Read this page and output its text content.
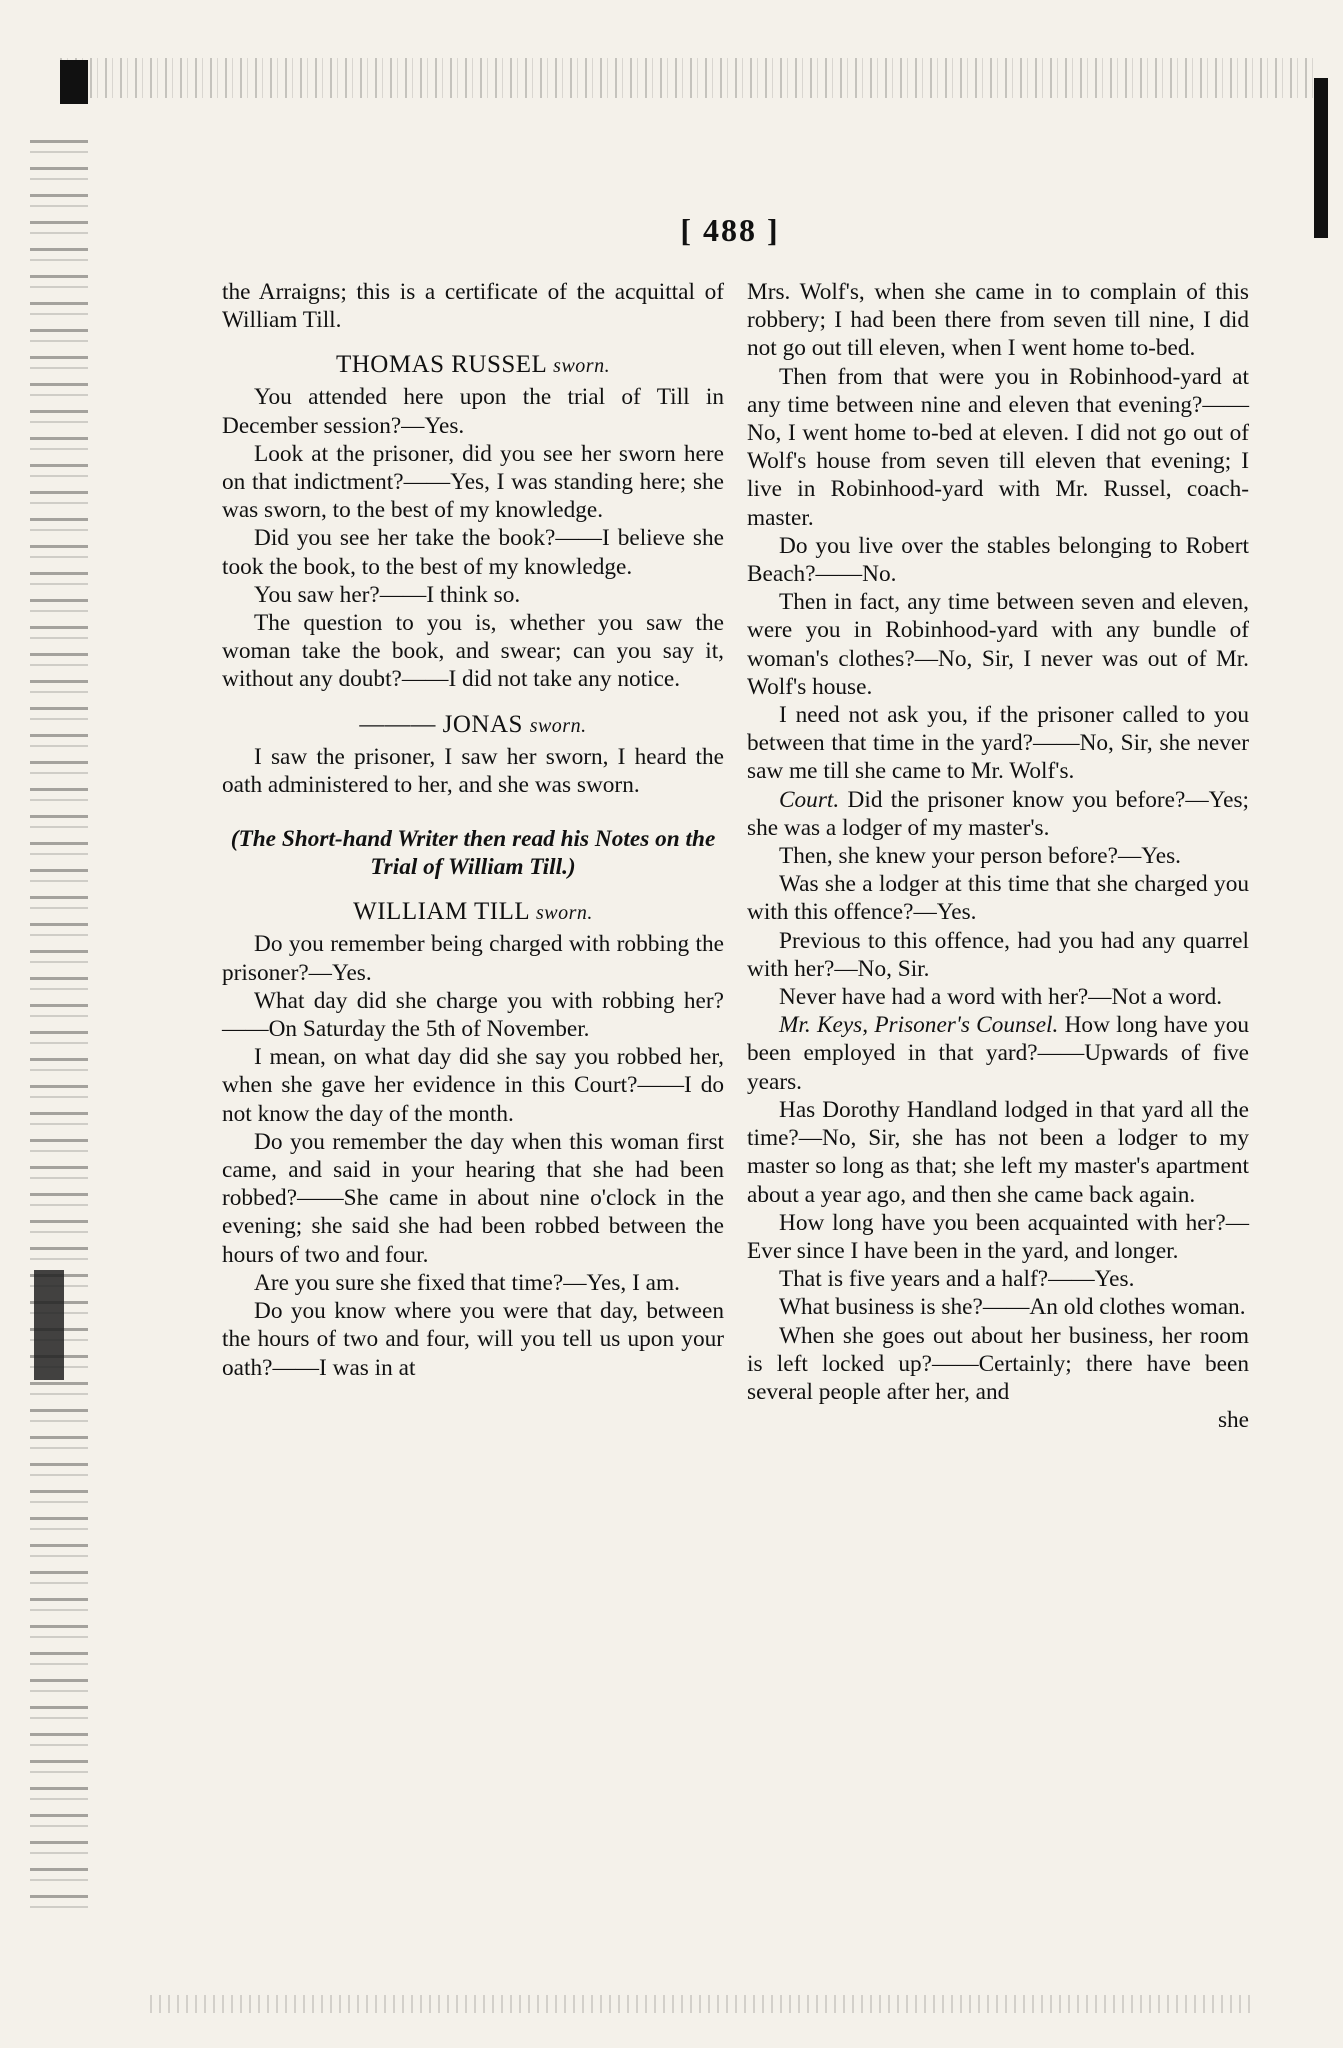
[ 488 ]

the Arraigns; this is a certificate of the acquittal of William Till.

THOMAS RUSSEL sworn.

You attended here upon the trial of Till in December session?—Yes.

Look at the prisoner, did you see her sworn here on that indictment?——Yes, I was standing here; she was sworn, to the best of my knowledge.

Did you see her take the book?——I believe she took the book, to the best of my knowledge.

You saw her?——I think so.

The question to you is, whether you saw the woman take the book, and swear; can you say it, without any doubt?——I did not take any notice.

——— JONAS sworn.

I saw the prisoner, I saw her sworn, I heard the oath administered to her, and she was sworn.

(The Short-hand Writer then read his Notes on the Trial of William Till.)

WILLIAM TILL sworn.

Do you remember being charged with robbing the prisoner?—Yes.

What day did she charge you with robbing her?——On Saturday the 5th of November.

I mean, on what day did she say you robbed her, when she gave her evidence in this Court?——I do not know the day of the month.

Do you remember the day when this woman first came, and said in your hearing that she had been robbed?——She came in about nine o'clock in the evening; she said she had been robbed between the hours of two and four.

Are you sure she fixed that time?—Yes, I am.

Do you know where you were that day, between the hours of two and four, will you tell us upon your oath?——I was in at

Mrs. Wolf's, when she came in to complain of this robbery; I had been there from seven till nine, I did not go out till eleven, when I went home to-bed.

Then from that were you in Robinhood-yard at any time between nine and eleven that evening?——No, I went home to-bed at eleven. I did not go out of Wolf's house from seven till eleven that evening; I live in Robinhood-yard with Mr. Russel, coach-master.

Do you live over the stables belonging to Robert Beach?——No.

Then in fact, any time between seven and eleven, were you in Robinhood-yard with any bundle of woman's clothes?—No, Sir, I never was out of Mr. Wolf's house.

I need not ask you, if the prisoner called to you between that time in the yard?——No, Sir, she never saw me till she came to Mr. Wolf's.

Court. Did the prisoner know you before?—Yes; she was a lodger of my master's.

Then, she knew your person before?—Yes.

Was she a lodger at this time that she charged you with this offence?—Yes.

Previous to this offence, had you had any quarrel with her?—No, Sir.

Never have had a word with her?—Not a word.

Mr. Keys, Prisoner's Counsel. How long have you been employed in that yard?——Upwards of five years.

Has Dorothy Handland lodged in that yard all the time?—No, Sir, she has not been a lodger to my master so long as that; she left my master's apartment about a year ago, and then she came back again.

How long have you been acquainted with her?—Ever since I have been in the yard, and longer.

That is five years and a half?——Yes.

What business is she?——An old clothes woman.

When she goes out about her business, her room is left locked up?——Certainly; there have been several people after her, and

she
